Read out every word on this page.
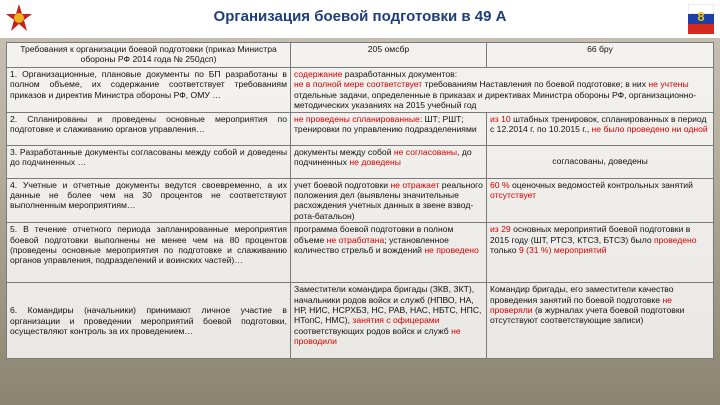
Организация боевой подготовки в 49 А	8
Требования к организации боевой подготовки (приказ Министра обороны РФ 2014 года № 250дсп)	205 омсбр	66 бру
1. Организационные, плановые документы по БП разработаны в полном объеме, их содержание соответствует требованиям приказов и директив Министра обороны РФ, ОМУ …	содержание разработанных документов:
не в полной мере соответствует требованиям Наставления по боевой подготовке; в них не учтены отдельные задачи, определенные в приказах и директивах Министра обороны РФ, организационно-методических указаниях на 2015 учебный год	
2. Спланированы и проведены основные мероприятия по подготовке и слаживанию органов управления…	не проведены спланированные: ШТ; РШТ; тренировки по управлению подразделениями	из 10 штабных тренировок, спланированных в период с 12.2014 г. по 10.2015 г., не было проведено ни одной
3. Разработанные документы согласованы между собой и доведены до подчиненных …	документы между собой не согласованы, до подчиненных не доведены	согласованы, доведены
4. Учетные и отчетные документы ведутся своевременно, а их данные не более чем на 30 процентов не соответствуют выполненным мероприятиям…	учет боевой подготовки не отражает реального положения дел (выявлены значительные расхождения учетных данных в звене взвод-рота-батальон)	60 % оценочных ведомостей контрольных занятий отсутствует
5. В течение отчетного периода запланированные мероприятия боевой подготовки выполнены не менее чем на 80 процентов (проведены основные мероприятия по подготовке и слаживанию органов управления, подразделений и воинских частей)…	программа боевой подготовки в полном объеме не отработана; установленное количество стрельб и вождений не проведено	из 29 основных мероприятий боевой подготовки в 2015 году (ШТ, РТСЗ, КТСЗ, БТСЗ) было проведено только 9 (31 %) мероприятий
6. Командиры (начальники) принимают личное участие в организации и проведении мероприятий боевой подготовки, осуществляют контроль за их проведением…	Заместители командира бригады (ЗКВ, ЗКТ), начальники родов войск и служб (НПВО, НА, НР, НИС, НСРХБЗ, НС, РАВ, НАС, НБТС, НПС, НТопС, НМС), занятия с офицерами соответствующих родов войск и служб не проводили	Командир бригады, его заместители качество проведения занятий по боевой подготовке не проверяли (в журналах учета боевой подготовки отсутствуют соответствующие записи)
